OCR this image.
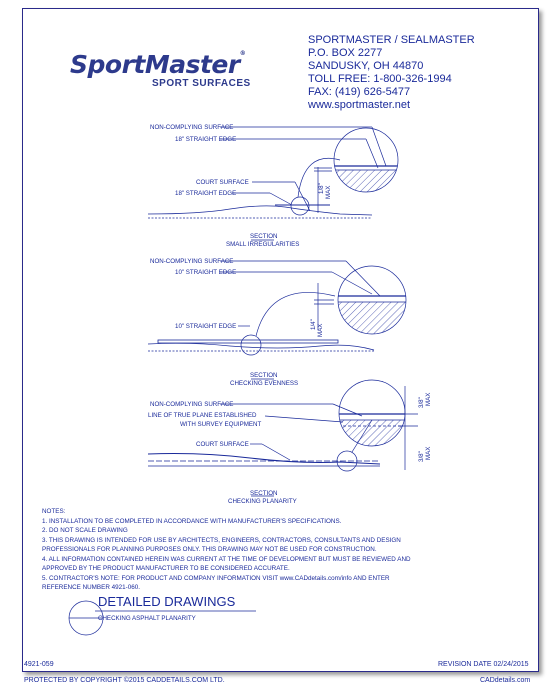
SportMaster®
SPORT SURFACES
SPORTMASTER / SEALMASTER
P.O. BOX 2277
SANDUSKY, OH 44870
TOLL FREE: 1-800-326-1994
FAX: (419) 626-5477
www.sportmaster.net
NON-COMPLYING SURFACE
18" STRAIGHT EDGE
COURT SURFACE
18" STRAIGHT EDGE	1/8" MAX
SECTION
SMALL IRREGULARITIES
NON-COMPLYING SURFACE
10" STRAIGHT EDGE
10" STRAIGHT EDGE	1/4" MAX
SECTION
CHECKING EVENNESS
NON-COMPLYING SURFACE
LINE OF TRUE PLANE ESTABLISHED
WITH SURVEY EQUIPMENT
COURT SURFACE
3/8" MAX
3/8" MAX
SECTION
CHECKING PLANARITY
NOTES:
1. INSTALLATION TO BE COMPLETED IN ACCORDANCE WITH MANUFACTURER'S SPECIFICATIONS.
2. DO NOT SCALE DRAWING
3. THIS DRAWING IS INTENDED FOR USE BY ARCHITECTS, ENGINEERS, CONTRACTORS, CONSULTANTS AND DESIGN
PROFESSIONALS FOR PLANNING PURPOSES ONLY. THIS DRAWING MAY NOT BE USED FOR CONSTRUCTION.
4. ALL INFORMATION CONTAINED HEREIN WAS CURRENT AT THE TIME OF DEVELOPMENT BUT MUST BE REVIEWED AND
APPROVED BY THE PRODUCT MANUFACTURER TO BE CONSIDERED ACCURATE.
5. CONTRACTOR'S NOTE: FOR PRODUCT AND COMPANY INFORMATION VISIT www.CADdetails.com/info AND ENTER
REFERENCE NUMBER 4921-060.
DETAILED DRAWINGS
CHECKING ASPHALT PLANARITY
4921-059	REVISION DATE 02/24/2015
PROTECTED BY COPYRIGHT ©2015 CADDETAILS.COM LTD.	CADdetails.com
